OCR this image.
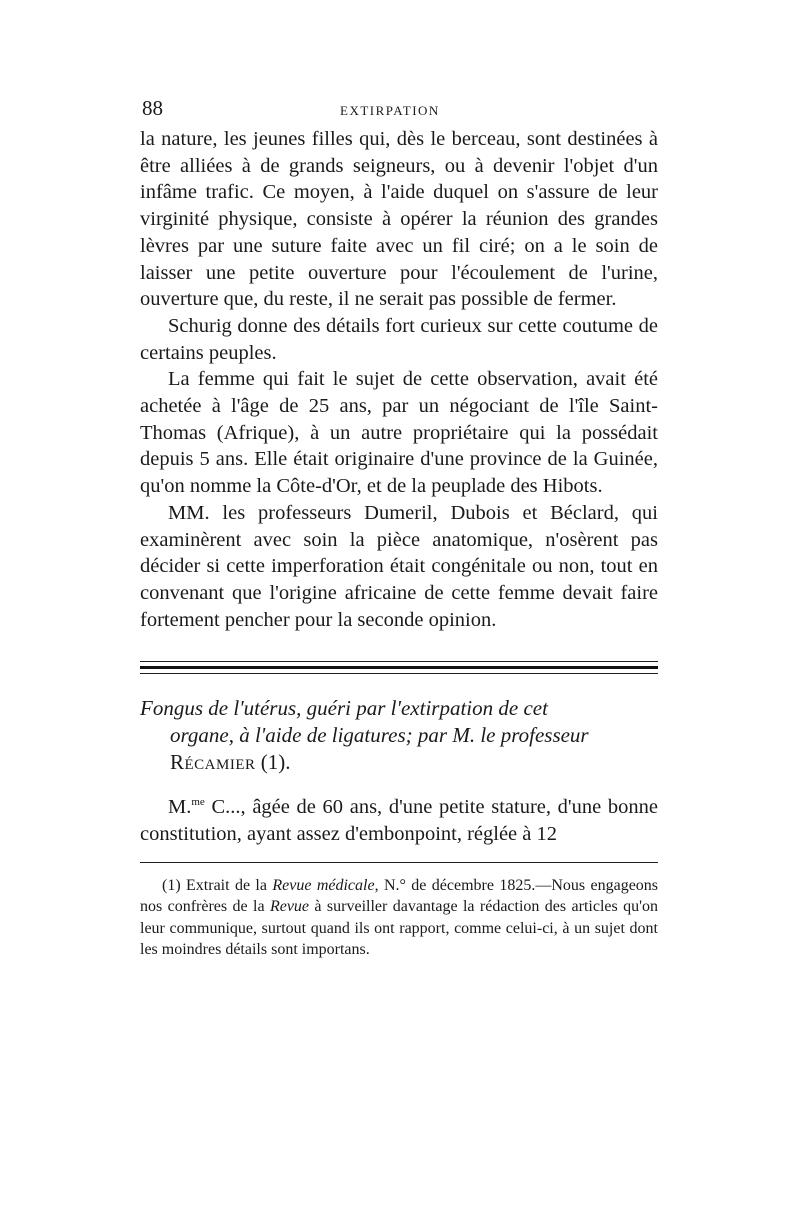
88	EXTIRPATION

la nature, les jeunes filles qui, dès le berceau, sont destinées à être alliées à de grands seigneurs, ou à devenir l'objet d'un infâme trafic. Ce moyen, à l'aide duquel on s'assure de leur virginité physique, consiste à opérer la réunion des grandes lèvres par une suture faite avec un fil ciré; on a le soin de laisser une petite ouverture pour l'écoulement de l'urine, ouverture que, du reste, il ne serait pas possible de fermer.

Schurig donne des détails fort curieux sur cette coutume de certains peuples.

La femme qui fait le sujet de cette observation, avait été achetée à l'âge de 25 ans, par un négociant de l'île Saint-Thomas (Afrique), à un autre propriétaire qui la possédait depuis 5 ans. Elle était originaire d'une province de la Guinée, qu'on nomme la Côte-d'Or, et de la peuplade des Hibots.

MM. les professeurs Dumeril, Dubois et Béclard, qui examinèrent avec soin la pièce anatomique, n'osèrent pas décider si cette imperforation était congénitale ou non, tout en convenant que l'origine africaine de cette femme devait faire fortement pencher pour la seconde opinion.

Fongus de l'utérus, guéri par l'extirpation de cet
organe, à l'aide de ligatures; par M. le professeur
Récamier (1).

M.$^{me}$ C..., âgée de 60 ans, d'une petite stature, d'une bonne constitution, ayant assez d'embonpoint, réglée à 12

(1) Extrait de la Revue médicale, N.° de décembre 1825.—Nous engageons nos confrères de la Revue à surveiller davantage la rédaction des articles qu'on leur communique, surtout quand ils ont rapport, comme celui-ci, à un sujet dont les moindres détails sont importans.
